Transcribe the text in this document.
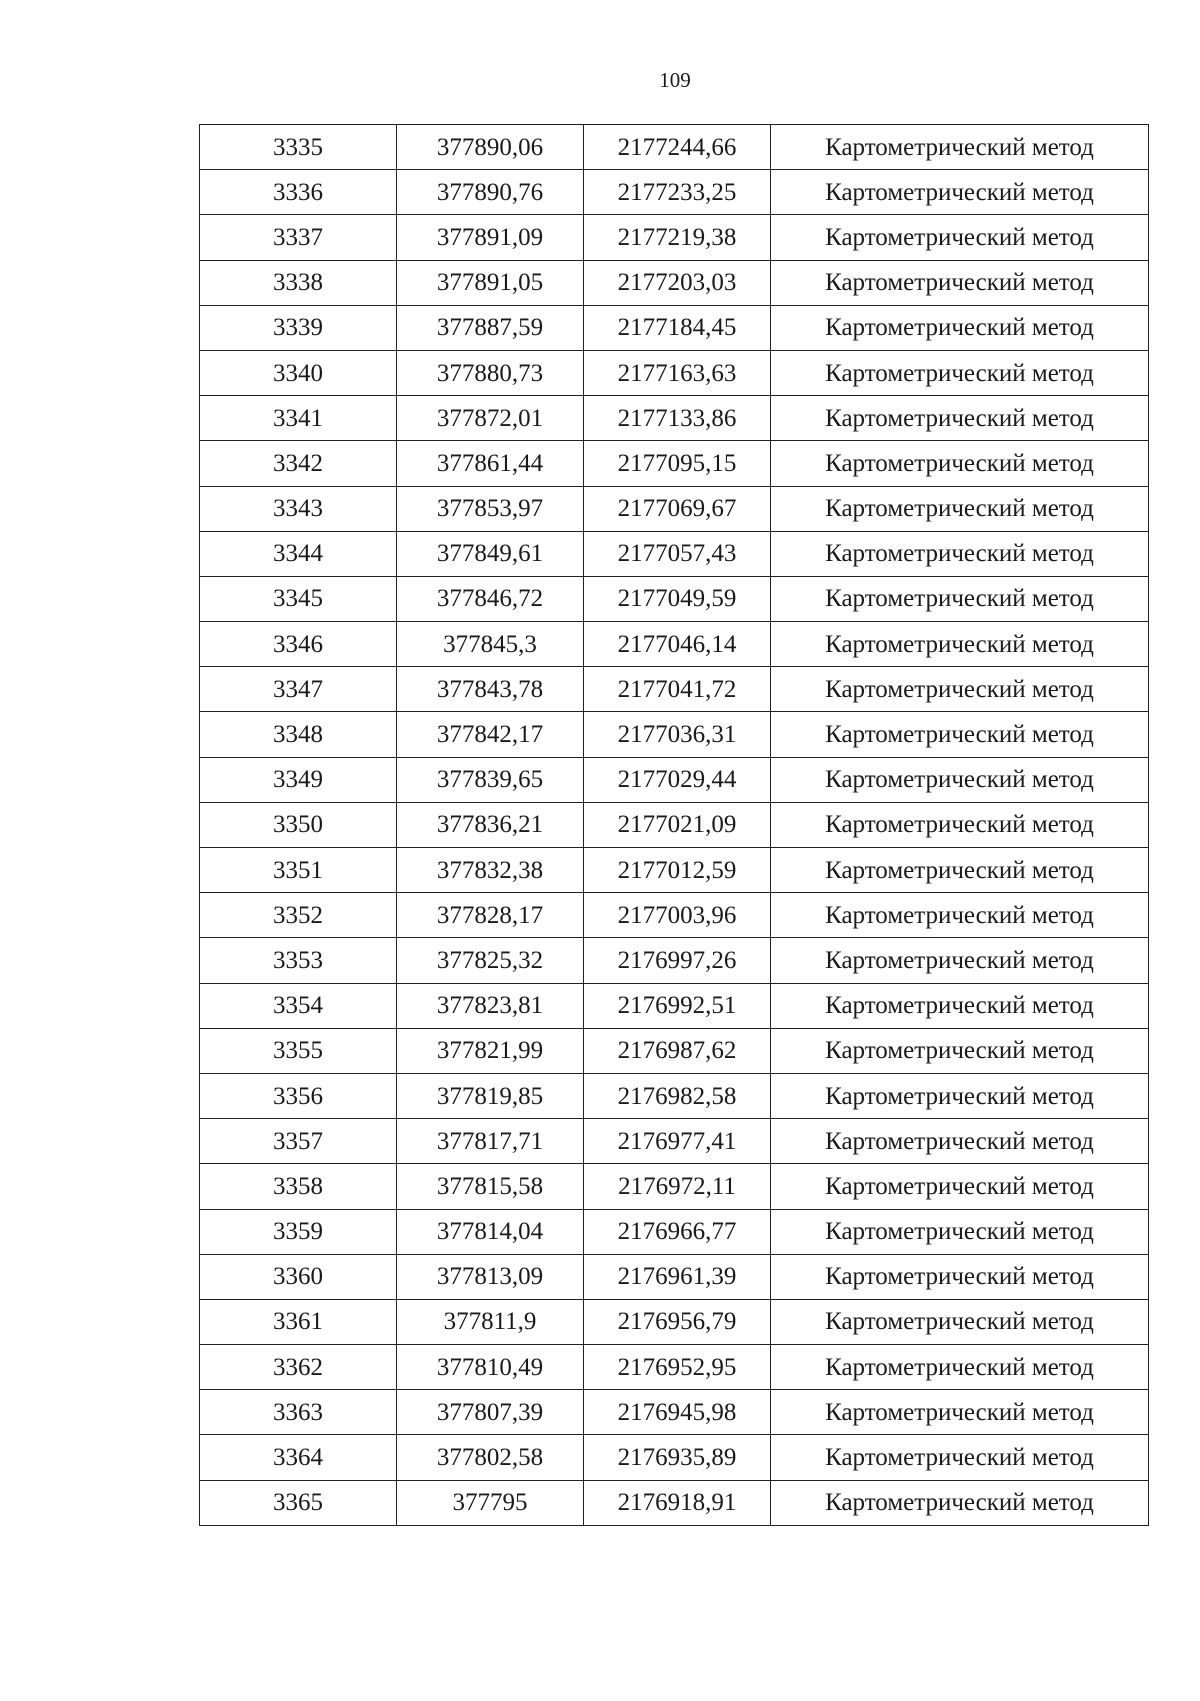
109
3335	377890,06	2177244,66	Картометрический метод
3336	377890,76	2177233,25	Картометрический метод
3337	377891,09	2177219,38	Картометрический метод
3338	377891,05	2177203,03	Картометрический метод
3339	377887,59	2177184,45	Картометрический метод
3340	377880,73	2177163,63	Картометрический метод
3341	377872,01	2177133,86	Картометрический метод
3342	377861,44	2177095,15	Картометрический метод
3343	377853,97	2177069,67	Картометрический метод
3344	377849,61	2177057,43	Картометрический метод
3345	377846,72	2177049,59	Картометрический метод
3346	377845,3	2177046,14	Картометрический метод
3347	377843,78	2177041,72	Картометрический метод
3348	377842,17	2177036,31	Картометрический метод
3349	377839,65	2177029,44	Картометрический метод
3350	377836,21	2177021,09	Картометрический метод
3351	377832,38	2177012,59	Картометрический метод
3352	377828,17	2177003,96	Картометрический метод
3353	377825,32	2176997,26	Картометрический метод
3354	377823,81	2176992,51	Картометрический метод
3355	377821,99	2176987,62	Картометрический метод
3356	377819,85	2176982,58	Картометрический метод
3357	377817,71	2176977,41	Картометрический метод
3358	377815,58	2176972,11	Картометрический метод
3359	377814,04	2176966,77	Картометрический метод
3360	377813,09	2176961,39	Картометрический метод
3361	377811,9	2176956,79	Картометрический метод
3362	377810,49	2176952,95	Картометрический метод
3363	377807,39	2176945,98	Картометрический метод
3364	377802,58	2176935,89	Картометрический метод
3365	377795	2176918,91	Картометрический метод
